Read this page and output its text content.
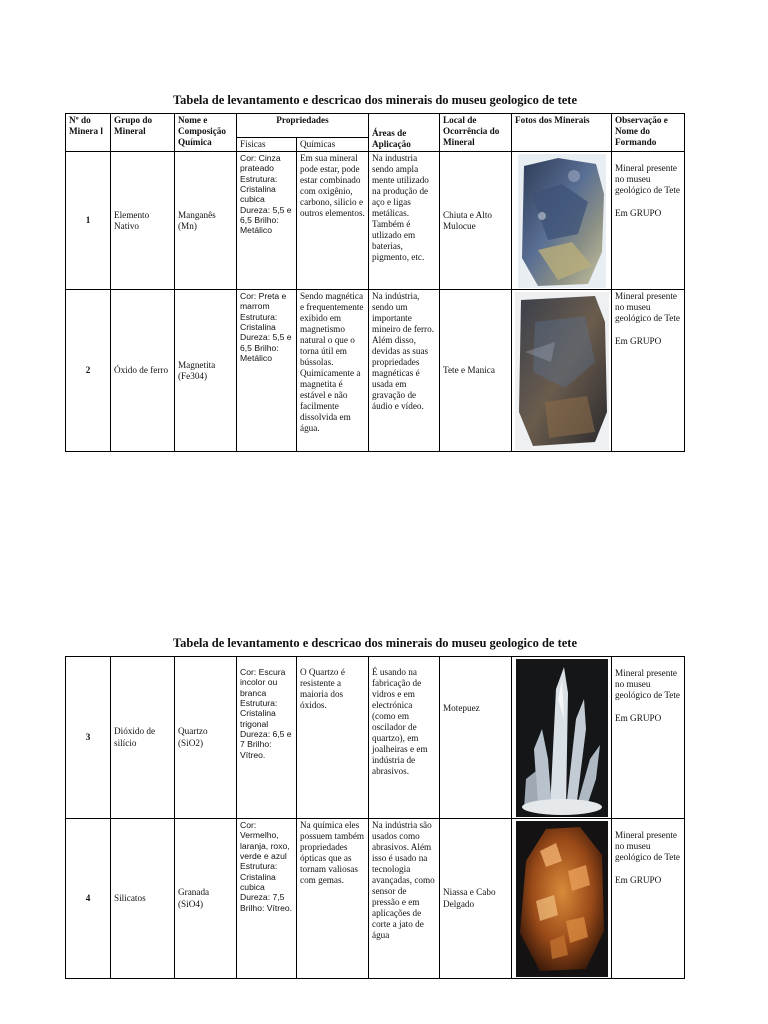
Tabela de levantamento e descricao dos minerais do museu geologico de tete
Nº do Minera l	Grupo do Mineral	Nome e Composição Química	Propriedades		Áreas de Aplicação	Local de Ocorrência do Mineral	Fotos dos Minerais	Observação e Nome do Formando
			Fisicas	Químicas				
1	Elemento Nativo	Manganês (Mn)	Cor: Cinza prateado Estrutura: Cristalina cubica Dureza: 5,5 e 6,5 Brilho: Metálico	Em sua mineral pode estar, pode estar combinado com oxigênio, carbono, silicio e outros elementos.	Na industria sendo ampla mente utilizado na produção de aço e ligas metálicas. Também é utlizado em baterias, pigmento, etc.	Chiuta e Alto Mulocue		Mineral presente no museu geológico de Tete
Em GRUPO

2	Óxido de ferro	Magnetita (Fe304)	Cor: Preta e marrom Estrutura: Cristalina Dureza: 5,5 e 6,5 Brilho: Metálico	Sendo magnética e frequentemente exibido em magnetismo natural o que o torna útil em bússolas. Quimicamente a magnetita é estável e não facilmente dissolvida em água.	Na indústria, sendo um importante mineiro de ferro. Além disso, devidas as suas propriedades magnéticas é usada em gravação de áudio e vídeo.	Tete e Manica		Mineral presente no museu geológico de Tete
Em GRUPO
Tabela de levantamento e descricao dos minerais do museu geologico de tete
3	Dióxido de silício	Quartzo (SiO2)	Cor: Escura incolor ou branca Estrutura: Cristalina trigonal Dureza: 6,5 e 7 Brilho: Vítreo.	O Quartzo é resistente a maioria dos óxidos.	É usando na fabricação de vidros e em electrónica (como em oscilador de quartzo), em joalheiras e em indústria de abrasivos.	Motepuez		Mineral presente no museu geológico de Tete
Em GRUPO

4	Silicatos	Granada (SiO4)	Cor: Vermelho, laranja, roxo, verde e azul Estrutura: Cristalina cubica Dureza: 7,5 Brilho: Vítreo.	Na química eles possuem também propriedades ópticas que as tornam valiosas com gemas.	Na indústria são usados como abrasivos. Além isso é usado na tecnologia avançadas, como sensor de pressão e em aplicações de corte a jato de água	Niassa e Cabo Delgado		Mineral presente no museu geológico de Tete
Em GRUPO
